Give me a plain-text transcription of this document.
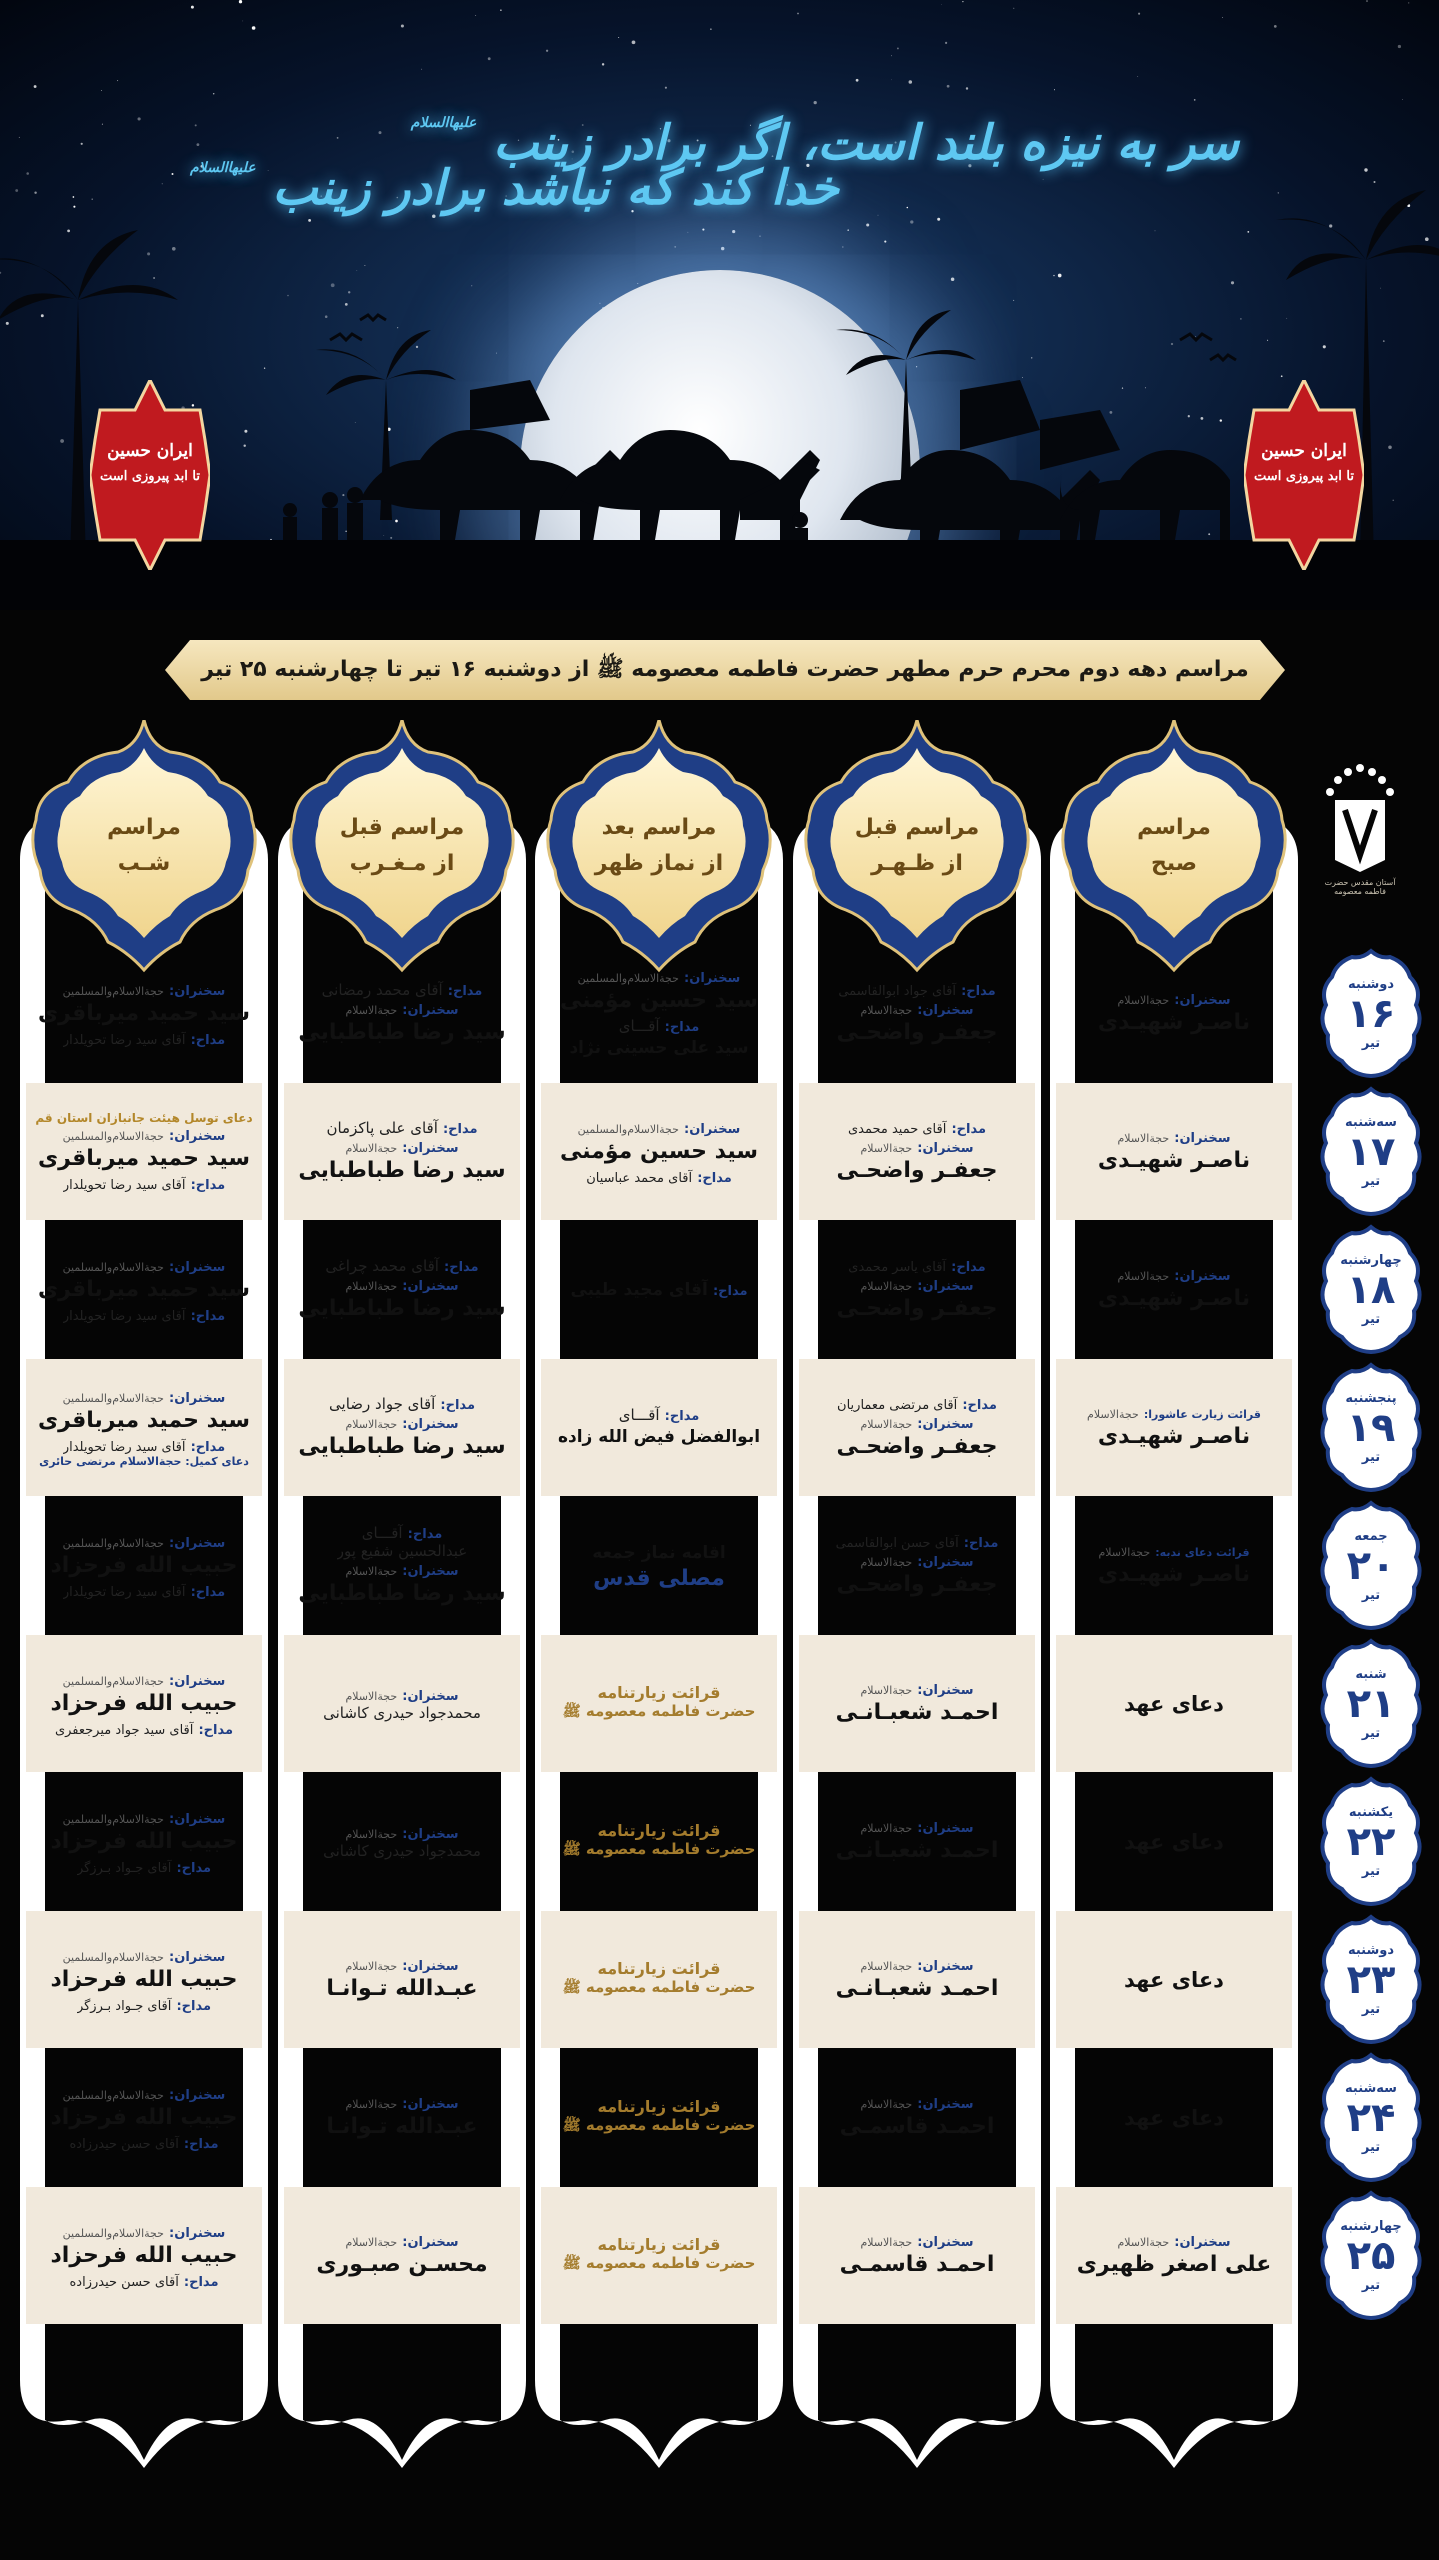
سر به نیزه بلند است، اگر برادر زینب $^{علیهاالسلام}$
خدا کند که نباشد برادر زینب $^{علیهاالسلام}$
ایران حسین
تا ابد پیروزی است
ایران حسین
تا ابد پیروزی است
مراسم دهه دوم محرم حرم مطهر حضرت فاطمه معصومه ﷺ از دوشنبه ۱۶ تیر تا چهارشنبه ۲۵ تیر
آستان مقدس حضرت فاطمه معصومه
مراسم
صبح
سخنران: حجة‌الاسلام
ناصـر شهیـدی
سخنران: حجة‌الاسلام
ناصـر شهیـدی
سخنران: حجة‌الاسلام
ناصـر شهیـدی
قرائت زیارت عاشورا: حجة‌الاسلام
ناصـر شهیـدی
قرائت دعای ندبه: حجة‌الاسلام
ناصـر شهیـدی
دعای عهد
دعای عهد
دعای عهد
دعای عهد
سخنران: حجة‌الاسلام
علی اصغر ظهیری
مراسم قبل
از ظـهـر
مداح: آقای جواد ابوالقاسمی
سخنران: حجة‌الاسلام
جعفـر واضحـی
مداح: آقای حمید محمدی
سخنران: حجة‌الاسلام
جعفـر واضحـی
مداح: آقای یاسر محمدی
سخنران: حجة‌الاسلام
جعفـر واضحـی
مداح: آقای مرتضی معماریان
سخنران: حجة‌الاسلام
جعفـر واضحـی
مداح: آقای حسن ابوالقاسمی
سخنران: حجة‌الاسلام
جعفـر واضحـی
سخنران: حجة‌الاسلام
احمـد شعبـانـی
سخنران: حجة‌الاسلام
احمـد شعبـانـی
سخنران: حجة‌الاسلام
احمـد شعبـانـی
سخنران: حجة‌الاسلام
احمـد قاسمـی
سخنران: حجة‌الاسلام
احمـد قاسمـی
مراسم بعد
از نماز ظهر
سخنران: حجة‌الاسلام‌والمسلمین
سید حسین مؤمنی
مداح: آقـــای
سید علی حسینی نژاد
سخنران: حجة‌الاسلام‌والمسلمین
سید حسین مؤمنی
مداح: آقای محمد عباسیان
مداح: آقای مجید طیبی
مداح: آقـــای
ابوالفضل فیض الله زاده
اقامه نماز جمعه
مصلی قدس
قرائت زیارتنامه
حضرت فاطمه معصومه ﷺ
قرائت زیارتنامه
حضرت فاطمه معصومه ﷺ
قرائت زیارتنامه
حضرت فاطمه معصومه ﷺ
قرائت زیارتنامه
حضرت فاطمه معصومه ﷺ
قرائت زیارتنامه
حضرت فاطمه معصومه ﷺ
مراسم قبل
از مـغـرب
مداح: آقای محمد رمضانی
سخنران: حجة‌الاسلام
سید رضا طباطبایی
مداح: آقای علی پاکزمان
سخنران: حجة‌الاسلام
سید رضا طباطبایی
مداح: آقای محمد چراغی
سخنران: حجة‌الاسلام
سید رضا طباطبایی
مداح: آقای جواد رضایی
سخنران: حجة‌الاسلام
سید رضا طباطبایی
مداح: آقـــای
عبدالحسین شفیع پور
سخنران: حجة‌الاسلام
سید رضا طباطبایی
سخنران: حجة‌الاسلام
محمدجواد حیدری کاشانی
سخنران: حجة‌الاسلام
محمدجواد حیدری کاشانی
سخنران: حجة‌الاسلام
عبـدالله تـوانـا
سخنران: حجة‌الاسلام
عبـدالله تـوانـا
سخنران: حجة‌الاسلام
محسـن صبـوری
مراسم
شـب
سخنران: حجة‌الاسلام‌والمسلمین
سید حمید میرباقری
مداح: آقای سید رضا تحویلدار
دعای توسل هیئت جانبازان استان قم
سخنران: حجة‌الاسلام‌والمسلمین
سید حمید میرباقری
مداح: آقای سید رضا تحویلدار
سخنران: حجة‌الاسلام‌والمسلمین
سید حمید میرباقری
مداح: آقای سید رضا تحویلدار
سخنران: حجة‌الاسلام‌والمسلمین
سید حمید میرباقری
مداح: آقای سید رضا تحویلدار
دعای کمیل: حجة‌الاسلام مرتضی حائری
سخنران: حجة‌الاسلام‌والمسلمین
حبیب الله فرحزاد
مداح: آقای سید رضا تحویلدار
سخنران: حجة‌الاسلام‌والمسلمین
حبیب الله فرحزاد
مداح: آقای سید جواد میرجعفری
سخنران: حجة‌الاسلام‌والمسلمین
حبیب الله فرحزاد
مداح: آقای جـواد بـرزگر
سخنران: حجة‌الاسلام‌والمسلمین
حبیب الله فرحزاد
مداح: آقای جـواد بـرزگر
سخنران: حجة‌الاسلام‌والمسلمین
حبیب الله فرحزاد
مداح: آقای حسن حیدرزاده
سخنران: حجة‌الاسلام‌والمسلمین
حبیب الله فرحزاد
مداح: آقای حسن حیدرزاده
دوشنبه
۱۶
تیر
سه‌شنبه
۱۷
تیر
چهارشنبه
۱۸
تیر
پنجشنبه
۱۹
تیر
جمعه
۲۰
تیر
شنبه
۲۱
تیر
یکشنبه
۲۲
تیر
دوشنبه
۲۳
تیر
سه‌شنبه
۲۴
تیر
چهارشنبه
۲۵
تیر
